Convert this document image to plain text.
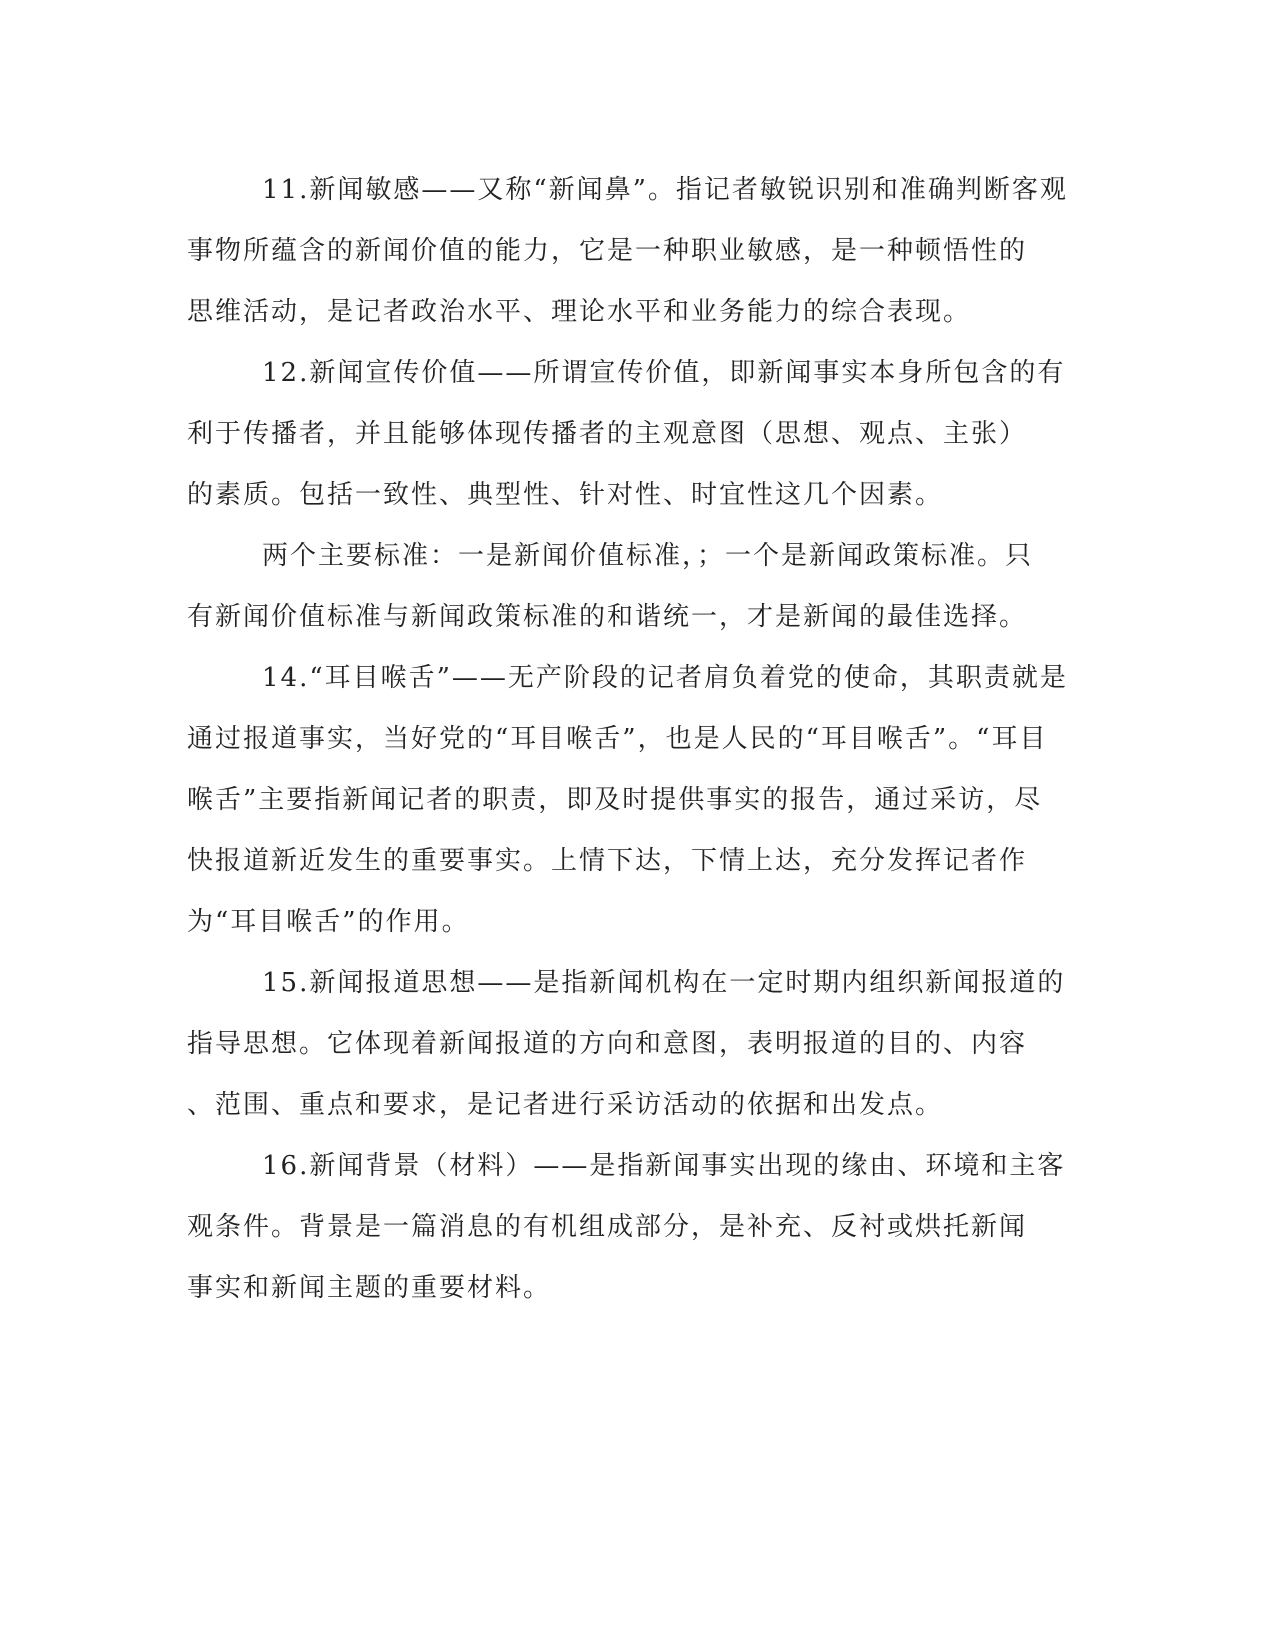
11.新闻敏感——又称“新闻鼻”。指记者敏锐识别和准确判断客观
事物所蕴含的新闻价值的能力，它是一种职业敏感，是一种顿悟性的
思维活动，是记者政治水平、理论水平和业务能力的综合表现。
12.新闻宣传价值——所谓宣传价值，即新闻事实本身所包含的有
利于传播者，并且能够体现传播者的主观意图（思想、观点、主张）
的素质。包括一致性、典型性、针对性、时宜性这几个因素。
两个主要标准：一是新闻价值标准，；一个是新闻政策标准。只
有新闻价值标准与新闻政策标准的和谐统一，才是新闻的最佳选择。
14.“耳目喉舌”——无产阶段的记者肩负着党的使命，其职责就是
通过报道事实，当好党的“耳目喉舌”，也是人民的“耳目喉舌”。“耳目
喉舌”主要指新闻记者的职责，即及时提供事实的报告，通过采访，尽
快报道新近发生的重要事实。上情下达，下情上达，充分发挥记者作
为“耳目喉舌”的作用。
15.新闻报道思想——是指新闻机构在一定时期内组织新闻报道的
指导思想。它体现着新闻报道的方向和意图，表明报道的目的、内容
、范围、重点和要求，是记者进行采访活动的依据和出发点。
16.新闻背景（材料）——是指新闻事实出现的缘由、环境和主客
观条件。背景是一篇消息的有机组成部分，是补充、反衬或烘托新闻
事实和新闻主题的重要材料。
